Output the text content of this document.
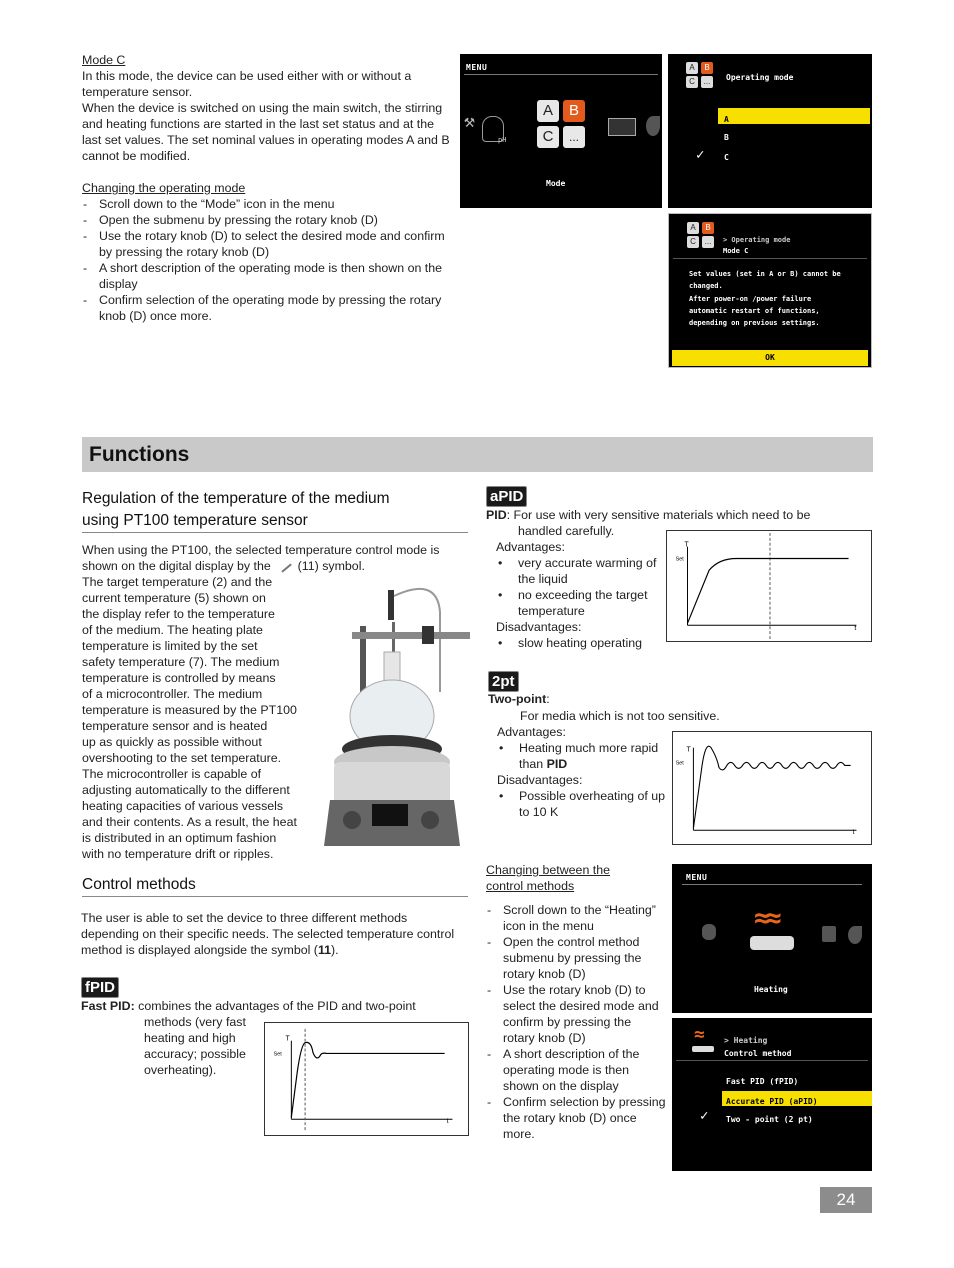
Mode C

In this mode, the device can be used either with or without a temperature sensor.

When the device is switched on using the main switch, the stirring and heating functions are started in the last set status and at the last set values. The set nominal values in operating modes A and B cannot be modified.

Changing the operating mode

- Scroll down to the “Mode” icon in the menu
- Open the submenu by pressing the rotary knob (D)
- Use the rotary knob (D) to select the desired mode and confirm by pressing the rotary knob (D)
- A short description of the operating mode is then shown on the display
- Confirm selection of the operating mode by pressing the rotary knob (D) once more.
MENU
⚒
pH
A	B
C	...
Mode
A	B
C	...	Operating mode
A
B
✓ C
A	B
C	...	> Operating mode
Mode C
Set values (set in A or B) cannot be
changed.
After power-on /power failure
automatic restart of functions,
depending on previous settings.
OK
Functions
Regulation of the temperature of the medium
using PT100 temperature sensor
When using the PT100, the selected temperature control mode is shown on the digital display by the (11) symbol.

The target temperature (2) and the

current temperature (5) shown on

the display refer to the temperature

of the medium. The heating plate

temperature is limited by the set

safety temperature (7). The medium

temperature is controlled by means

of a microcontroller. The medium

temperature is measured by the PT100

temperature sensor and is heated

up as quickly as possible without

overshooting to the set temperature.

The microcontroller is capable of

adjusting automatically to the different

heating capacities of various vessels

and their contents. As a result, the heat

is distributed in an optimum fashion

with no temperature drift or ripples.

Control methods
The user is able to set the device to three different methods depending on their specific needs. The selected temperature control method is displayed alongside the symbol (11).
fPID
Fast PID: combines the advantages of the PID and two-point

methods (very fast

heating and high

accuracy; possible

overheating).

T
t
Set
aPID
PID: For use with very sensitive materials which need to be
handled carefully.

Advantages:

• very accurate warming of the liquid
• no exceeding the target temperature

Disadvantages:

• slow heating operating
T
t
Set
2pt
Two-point:
For media which is not too sensitive.

Advantages:

• Heating much more rapid than PID

Disadvantages:

• Possible overheating of up to 10 K
T
t
Set

Changing between the

control methods

- Scroll down to the “Heating” icon in the menu
- Open the control method submenu by pressing the rotary knob (D)
- Use the rotary knob (D) to select the desired mode and confirm by pressing the rotary knob (D)
- A short description of the operating mode is then shown on the display
- Confirm selection by pressing the rotary knob (D) once more.
MENU
≈≈
Heating
≈ > Heating
Control method
Fast PID (fPID)
Accurate PID (aPID)
✓ Two - point (2 pt)
24
